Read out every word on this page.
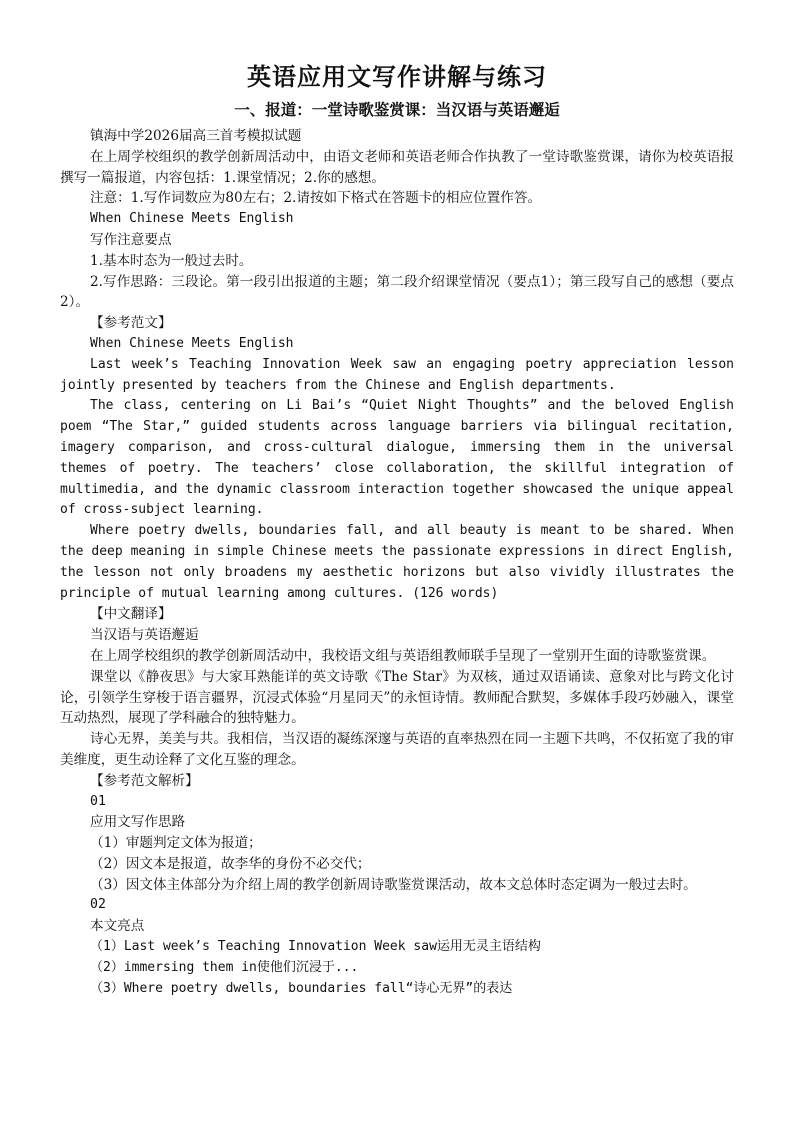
英语应用文写作讲解与练习
一、报道：一堂诗歌鉴赏课：当汉语与英语邂逅

镇海中学2026届高三首考模拟试题

在上周学校组织的教学创新周活动中，由语文老师和英语老师合作执教了一堂诗歌鉴赏课，请你为校英语报撰写一篇报道，内容包括：1.课堂情况；2.你的感想。

注意：1.写作词数应为80左右；2.请按如下格式在答题卡的相应位置作答。

When Chinese Meets English

写作注意要点

1.基本时态为一般过去时。

2.写作思路：三段论。第一段引出报道的主题；第二段介绍课堂情况（要点1）；第三段写自己的感想（要点2）。

【参考范文】

When Chinese Meets English

Last week’s Teaching Innovation Week saw an engaging poetry appreciation lesson jointly presented by teachers from the Chinese and English departments.

The class, centering on Li Bai’s “Quiet Night Thoughts” and the beloved English poem “The Star,” guided students across language barriers via bilingual recitation, imagery comparison, and cross-cultural dialogue, immersing them in the universal themes of poetry. The teachers’ close collaboration, the skillful integration of multimedia, and the dynamic classroom interaction together showcased the unique appeal of cross-subject learning.

Where poetry dwells, boundaries fall, and all beauty is meant to be shared. When the deep meaning in simple Chinese meets the passionate expressions in direct English, the lesson not only broadens my aesthetic horizons but also vividly illustrates the principle of mutual learning among cultures. (126 words)

【中文翻译】

当汉语与英语邂逅

在上周学校组织的教学创新周活动中，我校语文组与英语组教师联手呈现了一堂别开生面的诗歌鉴赏课。

课堂以《静夜思》与大家耳熟能详的英文诗歌《The Star》为双核，通过双语诵读、意象对比与跨文化讨论，引领学生穿梭于语言疆界，沉浸式体验“月星同天”的永恒诗情。教师配合默契，多媒体手段巧妙融入，课堂互动热烈，展现了学科融合的独特魅力。

诗心无界，美美与共。我相信，当汉语的凝练深邃与英语的直率热烈在同一主题下共鸣，不仅拓宽了我的审美维度，更生动诠释了文化互鉴的理念。

【参考范文解析】

01

应用文写作思路

（1）审题判定文体为报道；

（2）因文本是报道，故李华的身份不必交代；

（3）因文体主体部分为介绍上周的教学创新周诗歌鉴赏课活动，故本文总体时态定调为一般过去时。

02

本文亮点

（1）Last week’s Teaching Innovation Week saw运用无灵主语结构

（2）immersing them in使他们沉浸于...

（3）Where poetry dwells, boundaries fall“诗心无界”的表达
